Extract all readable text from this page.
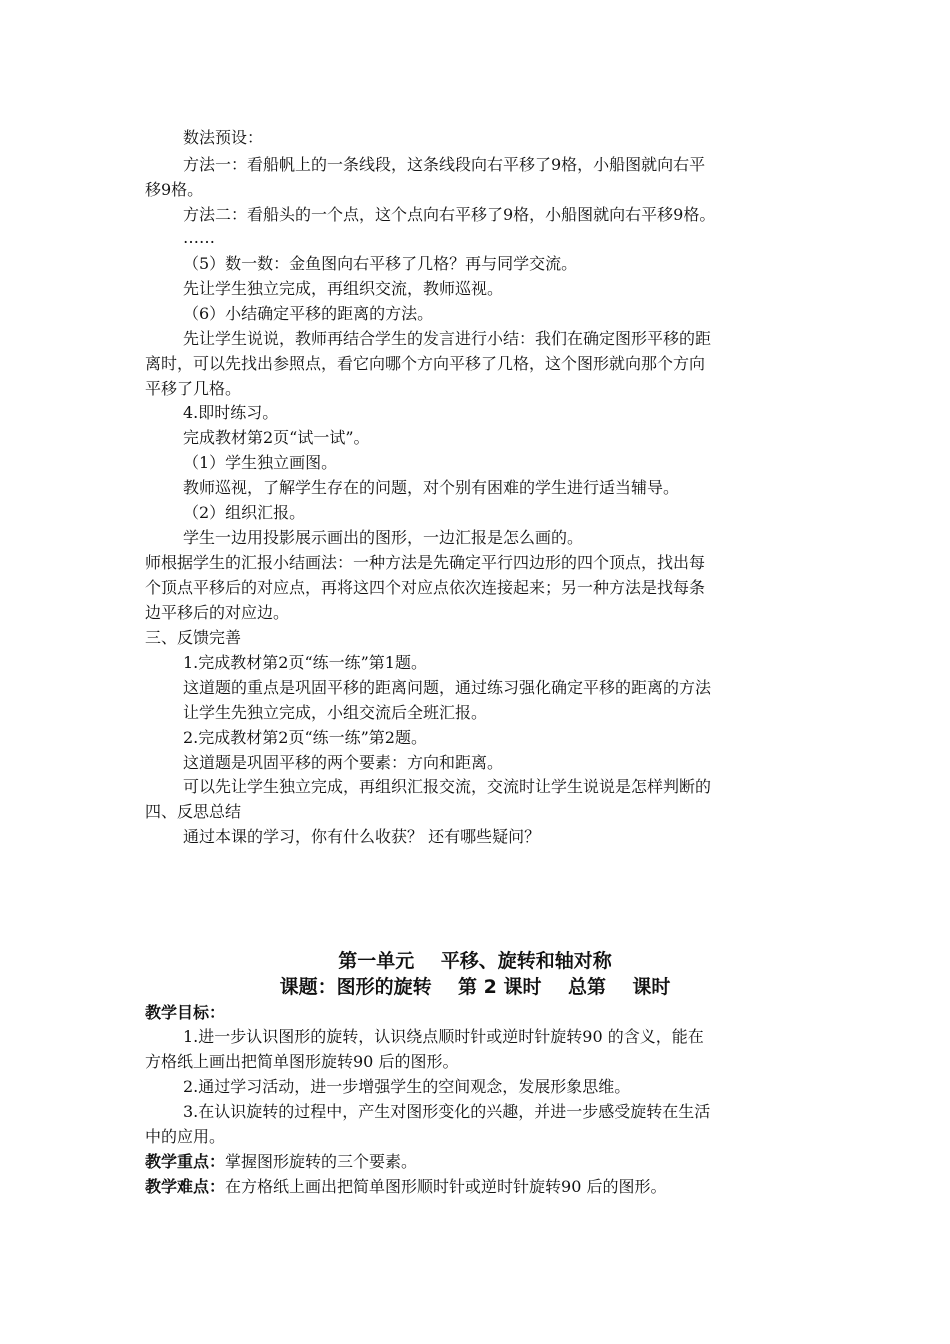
数法预设：
方法一：看船帆上的一条线段，这条线段向右平移了9格，小船图就向右平
移9格。
方法二：看船头的一个点，这个点向右平移了9格，小船图就向右平移9格。
……
（5）数一数：金鱼图向右平移了几格？再与同学交流。
先让学生独立完成，再组织交流，教师巡视。
（6）小结确定平移的距离的方法。
先让学生说说，教师再结合学生的发言进行小结：我们在确定图形平移的距
离时，可以先找出参照点，看它向哪个方向平移了几格，这个图形就向那个方向
平移了几格。
4.即时练习。
完成教材第2页“试一试”。
（1）学生独立画图。
教师巡视，了解学生存在的问题，对个别有困难的学生进行适当辅导。
（2）组织汇报。
学生一边用投影展示画出的图形，一边汇报是怎么画的。
师根据学生的汇报小结画法：一种方法是先确定平行四边形的四个顶点，找出每
个顶点平移后的对应点，再将这四个对应点依次连接起来；另一种方法是找每条
边平移后的对应边。
三、反馈完善
1.完成教材第2页“练一练”第1题。
这道题的重点是巩固平移的距离问题，通过练习强化确定平移的距离的方法
让学生先独立完成，小组交流后全班汇报。
2.完成教材第2页“练一练”第2题。
这道题是巩固平移的两个要素：方向和距离。
可以先让学生独立完成，再组织汇报交流，交流时让学生说说是怎样判断的
四、反思总结
通过本课的学习，你有什么收获？ 还有哪些疑问？
第一单元    平移、旋转和轴对称
课题：图形的旋转    第 2 课时    总第    课时
教学目标：
1.进一步认识图形的旋转，认识绕点顺时针或逆时针旋转90 的含义，能在
方格纸上画出把简单图形旋转90 后的图形。
2.通过学习活动，进一步增强学生的空间观念，发展形象思维。
3.在认识旋转的过程中，产生对图形变化的兴趣，并进一步感受旋转在生活
中的应用。
教学重点：掌握图形旋转的三个要素。
教学难点：在方格纸上画出把简单图形顺时针或逆时针旋转90 后的图形。
